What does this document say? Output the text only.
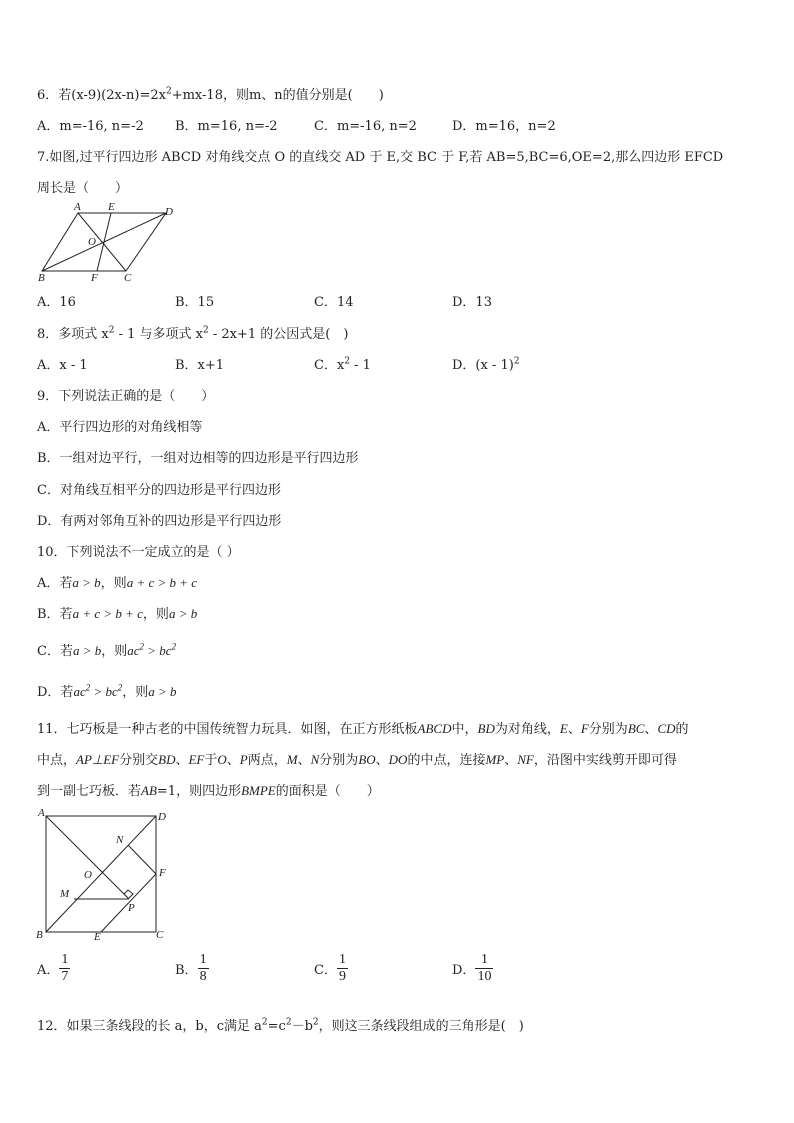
6．若$(x-9)(2x-n)=2x^2+mx-18$，则m、n的值分别是(　　)
A．m=-16, n=-2 B．m=16, n=-2	C．m=-16, n=2	D．m=16，n=2
7.如图,过平行四边形 ABCD 对角线交点 O 的直线交 AD 于 E,交 BC 于 F,若 AB=5,BC=6,OE=2,那么四边形 EFCD
周长是（　　）
A E	D
O
B	F C
A．16	B．15	C．14	D．13
8．多项式 $x^2 - 1$ 与多项式 $x^2 - 2x+1$ 的公因式是(　)
A．x - 1	B．x+1	C．$x^2 - 1$	D．(x - 1)$^2$
9．下列说法正确的是（　　）
A．平行四边形的对角线相等
B．一组对边平行，一组对边相等的四边形是平行四边形
C．对角线互相平分的四边形是平行四边形
D．有两对邻角互补的四边形是平行四边形
10．下列说法不一定成立的是（ ）
A．若a > b，则a + c > b + c
B．若a + c > b + c，则a > b
C．若a > b，则$ac^2 > bc^2$
D．若$ac^2 > bc^2$，则a > b
11．七巧板是一种古老的中国传统智力玩具．如图，在正方形纸板ABCD中，BD为对角线，E、F分别为BC、CD的
中点，AP⊥EF分别交BD、EF于O、P两点，M、N分别为BO、DO的中点，连接MP、NF，沿图中实线剪开即可得
到一副七巧板．若AB=1，则四边形BMPE的面积是（　　）
A	D
N
O	F
M
P
B	E	C
A． $\frac{1}{7}$	B． $\frac{1}{8}$	C． $\frac{1}{9}$	D． $\frac{1}{10}$
12．如果三条线段的长 a，b，c满足 $a^2=c^2-b^2$，则这三条线段组成的三角形是(　)
